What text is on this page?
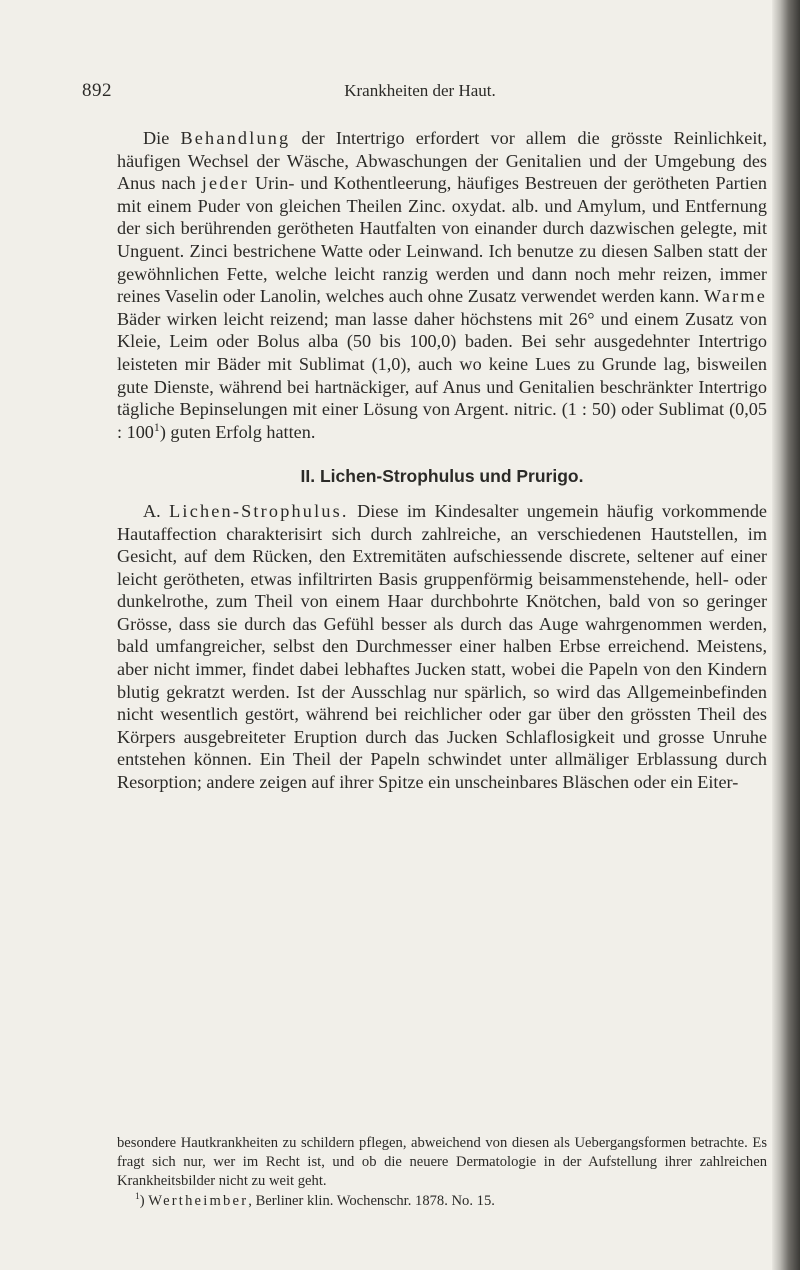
892	Krankheiten der Haut.

Die Behandlung der Intertrigo erfordert vor allem die grösste Reinlichkeit, häufigen Wechsel der Wäsche, Abwaschungen der Genitalien und der Umgebung des Anus nach jeder Urin- und Kothentleerung, häufiges Bestreuen der gerötheten Partien mit einem Puder von gleichen Theilen Zinc. oxydat. alb. und Amylum, und Entfernung der sich berührenden gerötheten Hautfalten von einander durch dazwischen gelegte, mit Unguent. Zinci bestrichene Watte oder Leinwand. Ich benutze zu diesen Salben statt der gewöhnlichen Fette, welche leicht ranzig werden und dann noch mehr reizen, immer reines Vaselin oder Lanolin, welches auch ohne Zusatz verwendet werden kann. Warme Bäder wirken leicht reizend; man lasse daher höchstens mit 26° und einem Zusatz von Kleie, Leim oder Bolus alba (50 bis 100,0) baden. Bei sehr ausgedehnter Intertrigo leisteten mir Bäder mit Sublimat (1,0), auch wo keine Lues zu Grunde lag, bisweilen gute Dienste, während bei hartnäckiger, auf Anus und Genitalien beschränkter Intertrigo tägliche Bepinselungen mit einer Lösung von Argent. nitric. (1 : 50) oder Sublimat (0,05 : $100^1$) guten Erfolg hatten.

II. Lichen-Strophulus und Prurigo.

A. Lichen-Strophulus. Diese im Kindesalter ungemein häufig vorkommende Hautaffection charakterisirt sich durch zahlreiche, an verschiedenen Hautstellen, im Gesicht, auf dem Rücken, den Extremitäten aufschiessende discrete, seltener auf einer leicht gerötheten, etwas infiltrirten Basis gruppenförmig beisammenstehende, hell- oder dunkelrothe, zum Theil von einem Haar durchbohrte Knötchen, bald von so geringer Grösse, dass sie durch das Gefühl besser als durch das Auge wahrgenommen werden, bald umfangreicher, selbst den Durchmesser einer halben Erbse erreichend. Meistens, aber nicht immer, findet dabei lebhaftes Jucken statt, wobei die Papeln von den Kindern blutig gekratzt werden. Ist der Ausschlag nur spärlich, so wird das Allgemeinbefinden nicht wesentlich gestört, während bei reichlicher oder gar über den grössten Theil des Körpers ausgebreiteter Eruption durch das Jucken Schlaflosigkeit und grosse Unruhe entstehen können. Ein Theil der Papeln schwindet unter allmäliger Erblassung durch Resorption; andere zeigen auf ihrer Spitze ein unscheinbares Bläschen oder ein Eiter-

besondere Hautkrankheiten zu schildern pflegen, abweichend von diesen als Uebergangsformen betrachte. Es fragt sich nur, wer im Recht ist, und ob die neuere Dermatologie in der Aufstellung ihrer zahlreichen Krankheitsbilder nicht zu weit geht.

$^1$) Wertheimber, Berliner klin. Wochenschr. 1878. No. 15.
